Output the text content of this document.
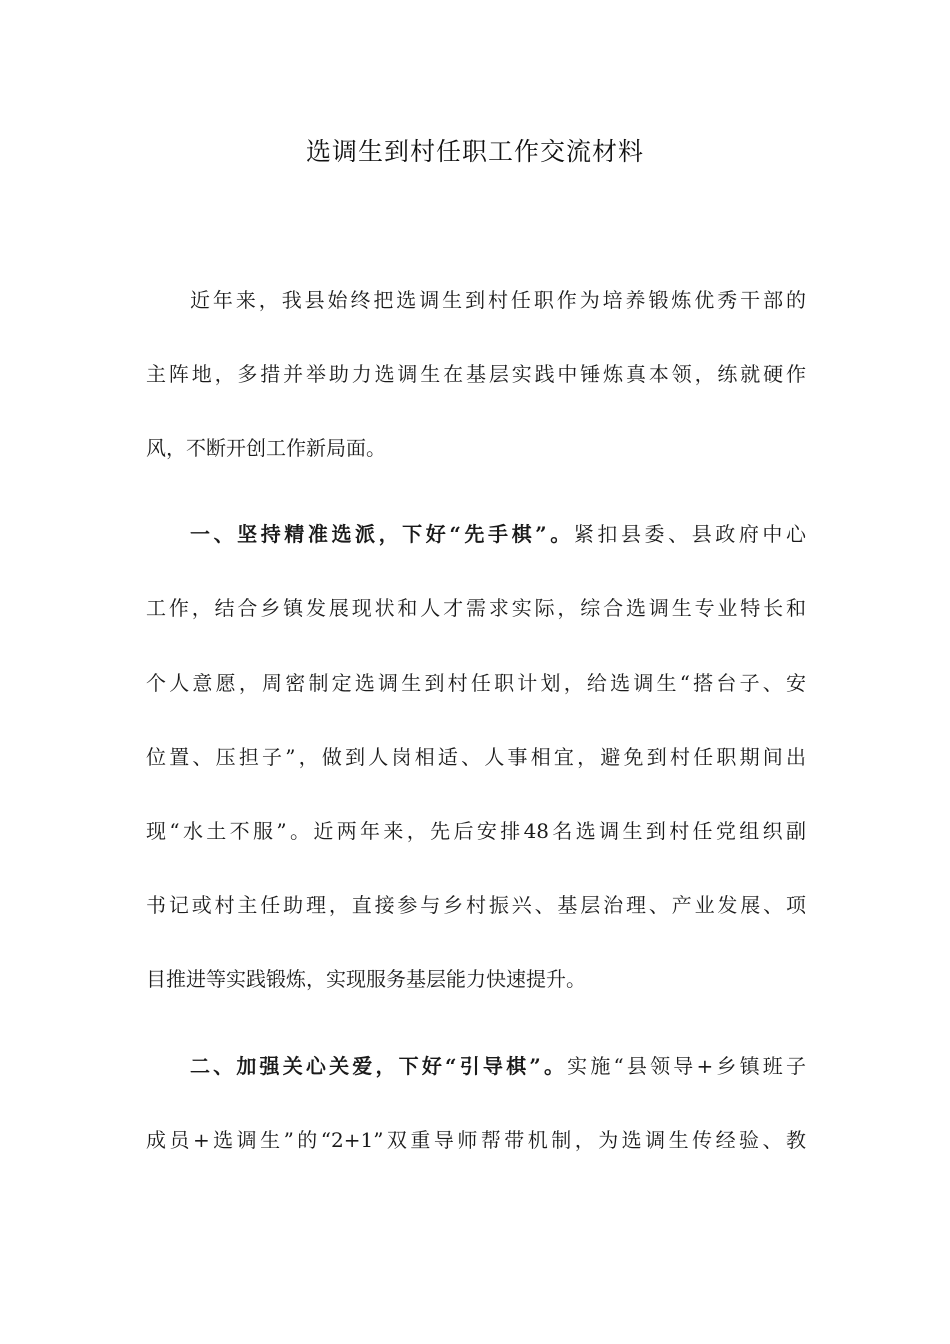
选调生到村任职工作交流材料

近年来，我县始终把选调生到村任职作为培养锻炼优秀干部的

主阵地，多措并举助力选调生在基层实践中锤炼真本领，练就硬作

风，不断开创工作新局面。

一、坚持精准选派，下好“先手棋”。紧扣县委、县政府中心

工作，结合乡镇发展现状和人才需求实际，综合选调生专业特长和

个人意愿，周密制定选调生到村任职计划，给选调生“搭台子、安

位置、压担子”，做到人岗相适、人事相宜，避免到村任职期间出

现“水土不服”。近两年来，先后安排48名选调生到村任党组织副

书记或村主任助理，直接参与乡村振兴、基层治理、产业发展、项

目推进等实践锻炼，实现服务基层能力快速提升。

二、加强关心关爱，下好“引导棋”。实施“县领导+乡镇班子

成员+选调生”的“2+1”双重导师帮带机制，为选调生传经验、教
